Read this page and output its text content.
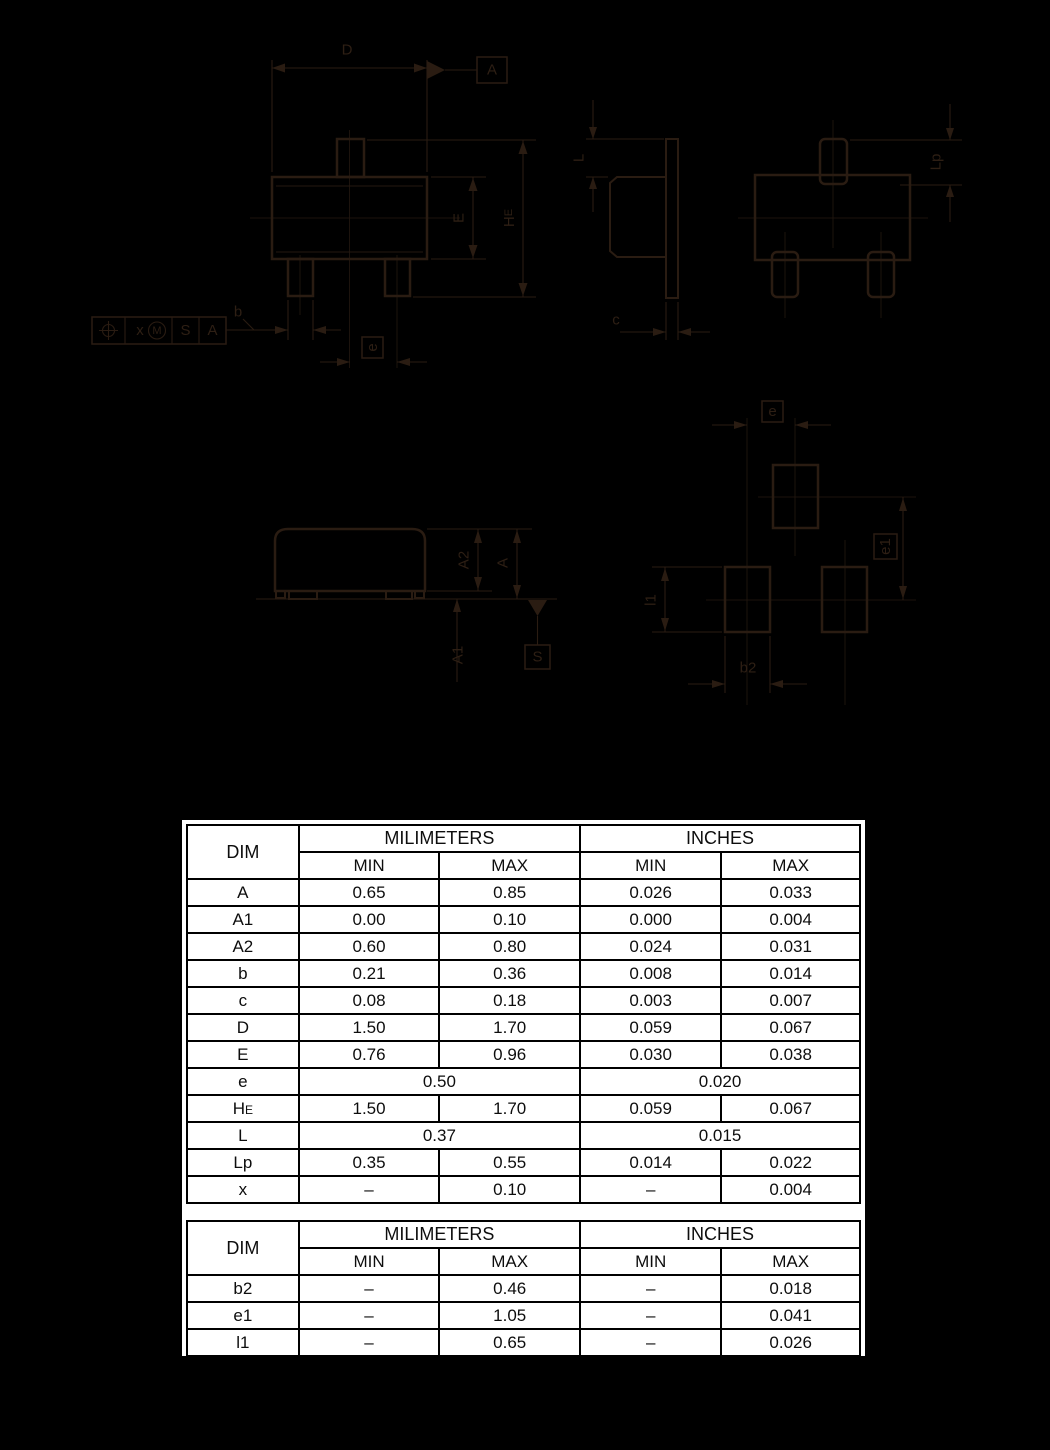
D
A
E HE
b
e
x M S A
L
c
Lp
A2 A
A1	S
e
e1
l1
b2
DIM	MILIMETERS		INCHES	
	MIN	MAX	MIN	MAX
A	0.65	0.85	0.026	0.033
A1	0.00	0.10	0.000	0.004
A2	0.60	0.80	0.024	0.031
b	0.21	0.36	0.008	0.014
c	0.08	0.18	0.003	0.007
D	1.50	1.70	0.059	0.067
E	0.76	0.96	0.030	0.038
e	0.50		0.020	
HE	1.50	1.70	0.059	0.067
L	0.37		0.015	
Lp	0.35	0.55	0.014	0.022
x	–	0.10	–	0.004
DIM	MILIMETERS		INCHES	
	MIN	MAX	MIN	MAX
b2	–	0.46	–	0.018
e1	–	1.05	–	0.041
l1	–	0.65	–	0.026
